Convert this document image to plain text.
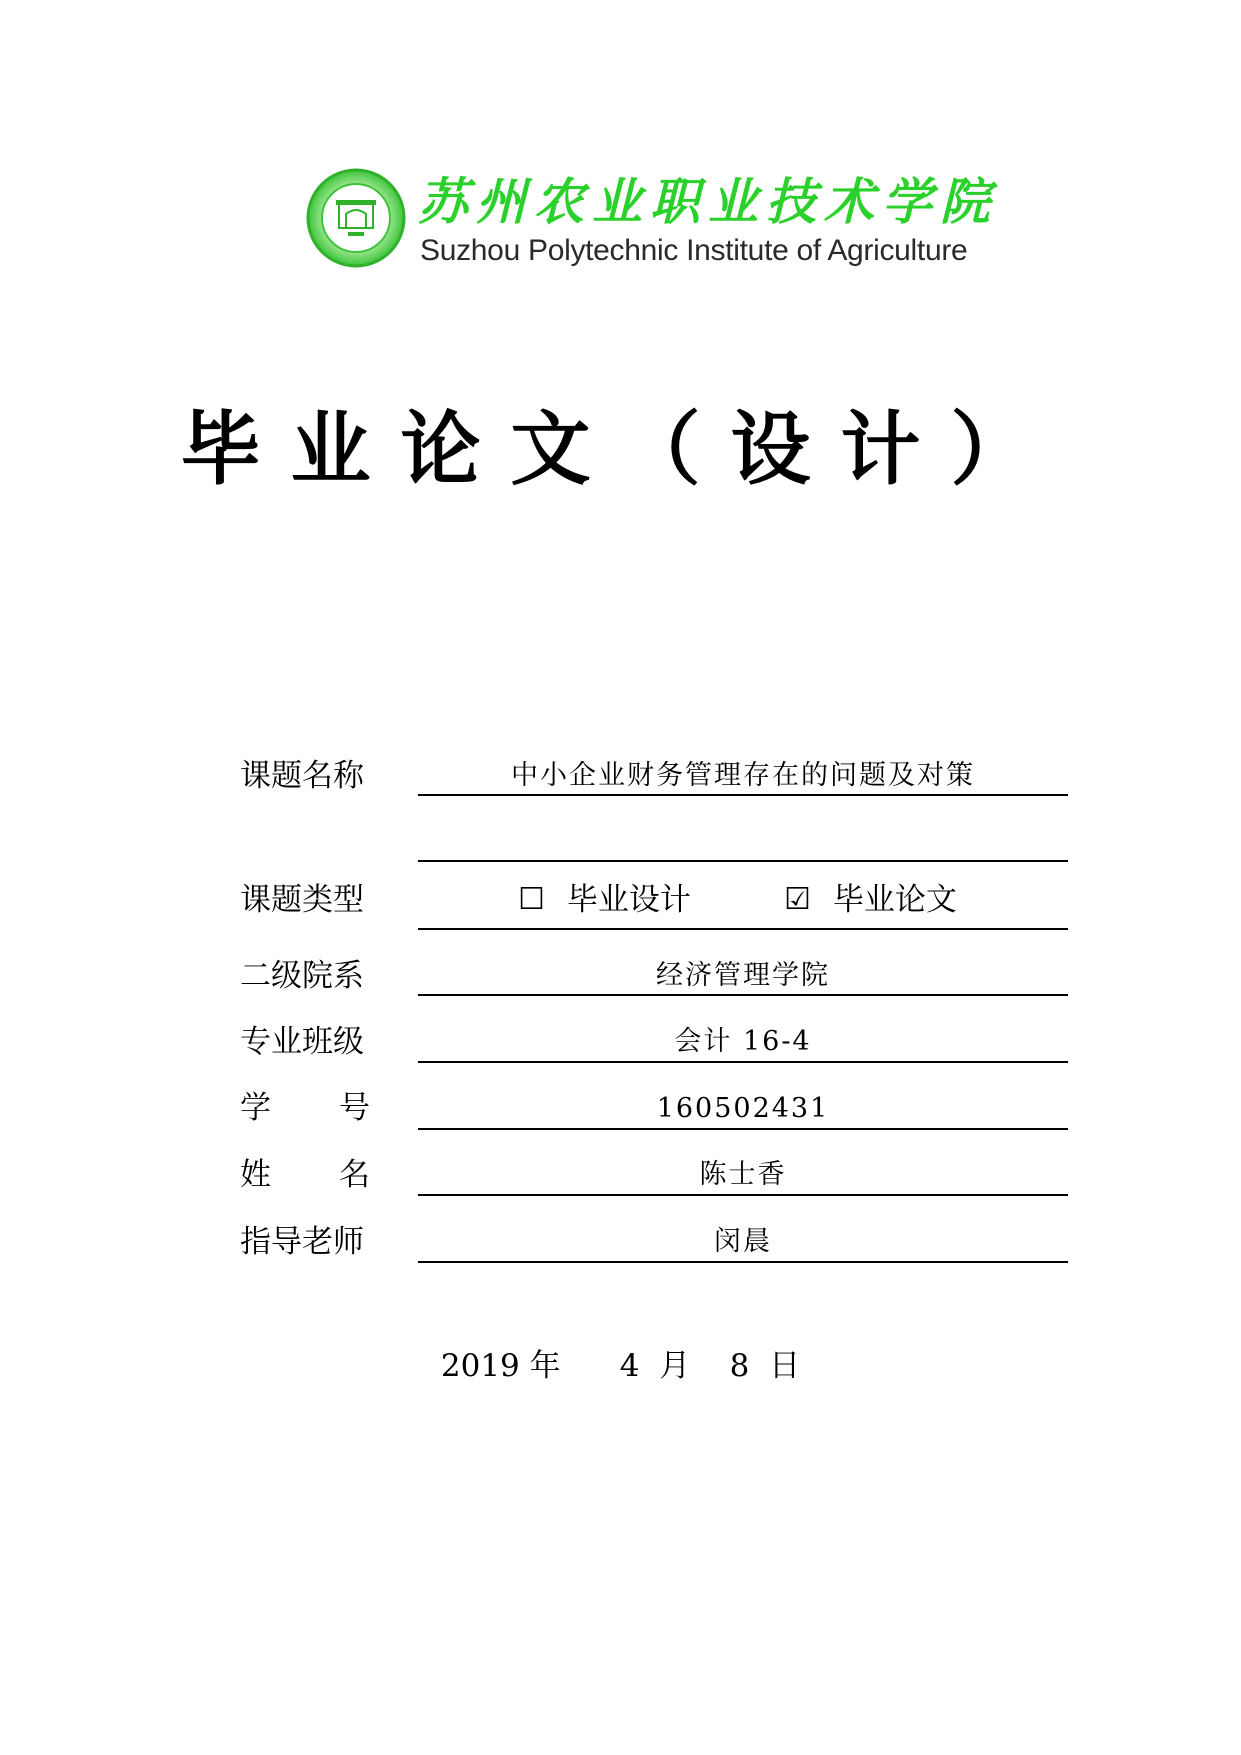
苏州农业职业技术学院
Suzhou Polytechnic Institute of Agriculture
毕业论文（设计）
课题名称	中小企业财务管理存在的问题及对策
课题类型	☐ 毕业设计	☑ 毕业论文
二级院系	经济管理学院
专业班级	会计 16-4
学 号	160502431
姓 名	陈士香
指导老师	闵晨
2019 年 4 月 8 日
